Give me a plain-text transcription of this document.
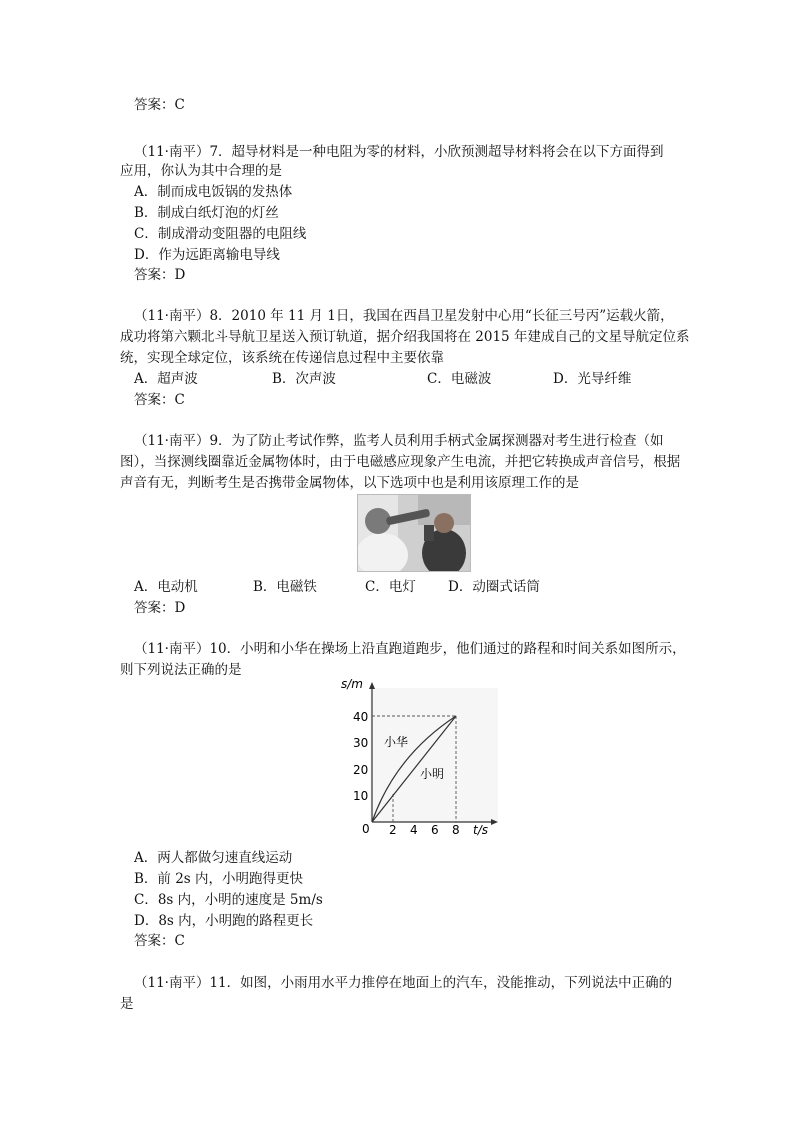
答案：C
（11·南平）7．超导材料是一种电阻为零的材料，小欣预测超导材料将会在以下方面得到
应用，你认为其中合理的是
A．制而成电饭锅的发热体
B．制成白纸灯泡的灯丝
C．制成滑动变阻器的电阻线
D．作为远距离输电导线
答案：D
（11·南平）8．2010 年 11 月 1日，我国在西昌卫星发射中心用“长征三号丙”运载火箭，
成功将第六颗北斗导航卫星送入预订轨道，据介绍我国将在 2015 年建成自己的文星导航定位系
统，实现全球定位，该系统在传递信息过程中主要依靠
A．超声波	B．次声波	C．电磁波	D．光导纤维
答案：C
（11·南平）9．为了防止考试作弊，监考人员利用手柄式金属探测器对考生进行检查（如
图），当探测线圈靠近金属物体时，由于电磁感应现象产生电流，并把它转换成声音信号，根据
声音有无，判断考生是否携带金属物体，以下选项中也是利用该原理工作的是
A．电动机	B．电磁铁	C．电灯 D．动圈式话筒
答案：D
（11·南平）10．小明和小华在操场上沿直跑道跑步，他们通过的路程和时间关系如图所示，
则下列说法正确的是
s/m
t/s
0
10
20
30
40
2 4 6 8
小华
小明
A．两人都做匀速直线运动
B．前 2s 内，小明跑得更快
C．8s 内，小明的速度是 5m/s
D．8s 内，小明跑的路程更长
答案：C
（11·南平）11．如图，小雨用水平力推停在地面上的汽车，没能推动，下列说法中正确的
是
